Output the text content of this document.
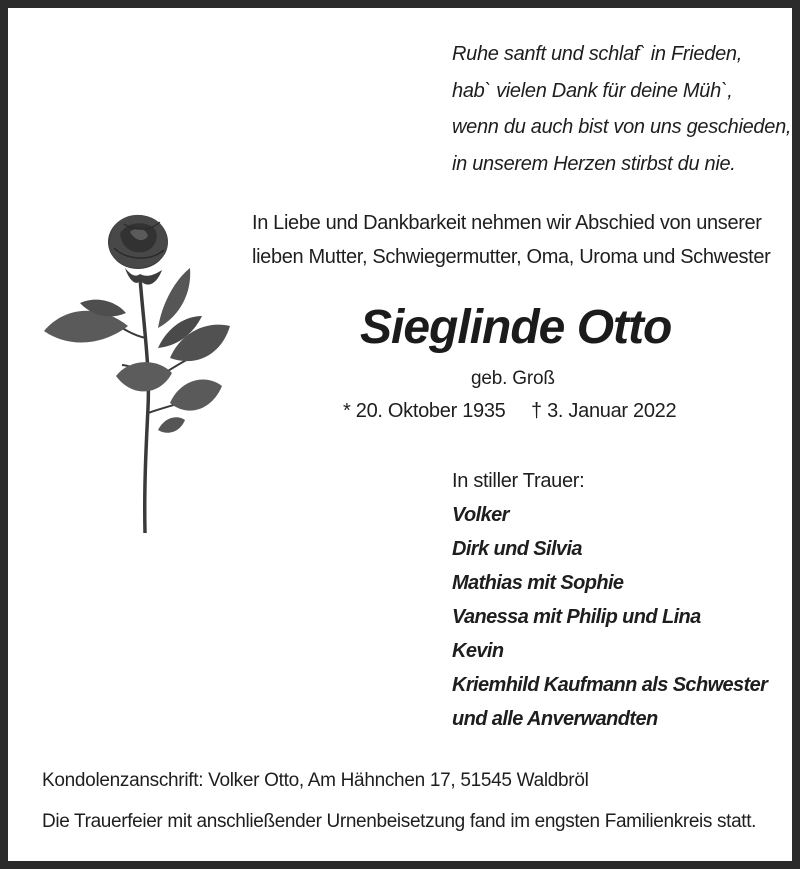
Ruhe sanft und schlaf` in Frieden,
hab` vielen Dank für deine Müh`,
wenn du auch bist von uns geschieden,
in unserem Herzen stirbst du nie.
In Liebe und Dankbarkeit nehmen wir Abschied von unserer
lieben Mutter, Schwiegermutter, Oma, Uroma und Schwester
Sieglinde Otto
geb. Groß
* 20. Oktober 1935 † 3. Januar 2022
In stiller Trauer:
Volker
Dirk und Silvia
Mathias mit Sophie
Vanessa mit Philip und Lina
Kevin
Kriemhild Kaufmann als Schwester
und alle Anverwandten
Kondolenzanschrift: Volker Otto, Am Hähnchen 17, 51545 Waldbröl
Die Trauerfeier mit anschließender Urnenbeisetzung fand im engsten Familienkreis statt.
